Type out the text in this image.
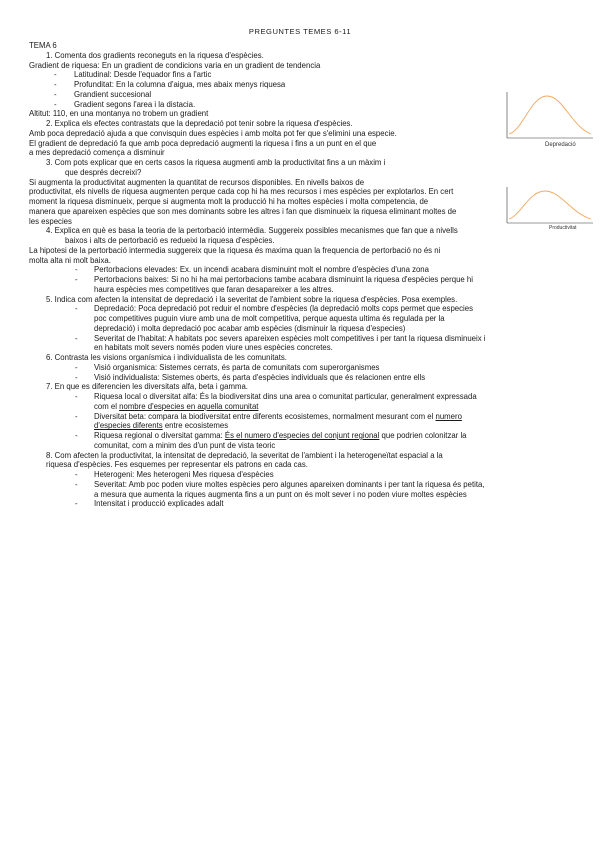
PREGUNTES TEMES 6-11
TEMA 6
1. Comenta dos gradients reconeguts en la riquesa d'espècies.
Gradient de riquesa: En un gradient de condicions varia en un gradient de tendencia
- Latitudinal: Desde l'equador fins a l'artic
- Profunditat: En la columna d'aigua, mes abaix menys riquesa
- Grandient succesional
- Gradient segons l'area i la distacia.
Altitut: 110, en una montanya no trobem un gradient
2. Explica els efectes contrastats que la depredació pot tenir sobre la riquesa d'espècies.
Amb poca depredació ajuda a que convisquin dues espècies i amb molta pot fer que s'elimini una especie.
El gradient de depredació fa que amb poca depredació augmenti la riquesa i fins a un punt en el que
a mes depredació comença a disminuir
3. Com pots explicar que en certs casos la riquesa augmenti amb la productivitat fins a un màxim i
que després decreixi?
Si augmenta la productivitat augmenten la quantitat de recursos disponibles. En nivells baixos de
productivitat, els nivells de riquesa augmenten perque cada cop hi ha mes recursos i mes espècies per explotarlos. En cert
moment la riquesa disminueix, perque si augmenta molt la producció hi ha moltes espècies i molta competencia, de
manera que apareixen espècies que son mes dominants sobre les altres i fan que disminueix la riquesa eliminant moltes de
les especies
4. Explica en què es basa la teoria de la pertorbació intermèdia. Suggereix possibles mecanismes que fan que a nivells
baixos i alts de pertorbació es redueixi la riquesa d'espècies.
La hipotesi de la pertorbació intermedia suggereix que la riquesa és maxima quan la frequencia de pertorbació no és ni
molta alta ni molt baixa.
- Pertorbacions elevades: Ex. un incendi acabara disminuint molt el nombre d'espècies d'una zona
- Pertorbacions baixes: Si no hi ha mai pertorbacions tambe acabara disminuint la riquesa d'espècies perque hi
haura espècies mes competitives que faran desapareixer a les altres.
5. Indica com afecten la intensitat de depredació i la severitat de l'ambient sobre la riquesa d'espècies. Posa exemples.
- Depredació: Poca depredació pot reduir el nombre d'espècies (la depredació molts cops permet que especies
poc competitives puguin viure amb una de molt competitiva, perque aquesta ultima és regulada per la
depredació) i molta depredació poc acabar amb espècies (disminuir la riquesa d'especies)
- Severitat de l'habitat: A habitats poc severs apareixen espècies molt competitives i per tant la riquesa disminueix i
en habitats molt severs només poden viure unes espècies concretes.
6. Contrasta les visions organísmica i individualista de les comunitats.
- Visió organismica: Sistemes cerrats, és parta de comunitats com superorganismes
- Visió individualista: Sistemes oberts, és parta d'espècies individuals que és relacionen entre ells
7. En que es diferencien les diversitats alfa, beta i gamma.
- Riquesa local o diversitat alfa: És la biodiversitat dins una area o comunitat particular, generalment expressada
com el nombre d'especies en aquella comunitat
- Diversitat beta: compara la biodiversitat entre diferents ecosistemes, normalment mesurant com el numero
d'especies diferents entre ecosistemes
- Riquesa regional o diversitat gamma: És el numero d'especies del conjunt regional que podrien colonitzar la
comunitat, com a minim des d'un punt de vista teoric
8. Com afecten la productivitat, la intensitat de depredació, la severitat de l'ambient i la heterogeneïtat espacial a la
riquesa d'espècies. Fes esquemes per representar els patrons en cada cas.
- Heterogeni: Mes heterogeni Mes riquesa d'espècies
- Severitat: Amb poc poden viure moltes espècies pero algunes apareixen dominants i per tant la riquesa és petita,
a mesura que aumenta la riques augmenta fins a un punt on és molt sever i no poden viure moltes espècies
- Intensitat i producció explicades adalt
Depredació
Productivitat
